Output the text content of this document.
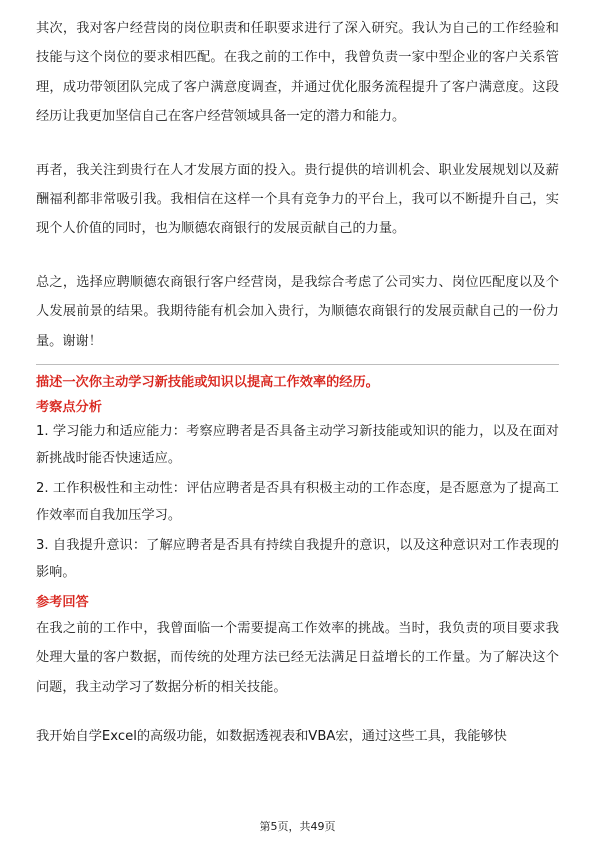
其次，我对客户经营岗的岗位职责和任职要求进行了深入研究。我认为自己的工作经验和技能与这个岗位的要求相匹配。在我之前的工作中，我曾负责一家中型企业的客户关系管理，成功带领团队完成了客户满意度调查，并通过优化服务流程提升了客户满意度。这段经历让我更加坚信自己在客户经营领域具备一定的潜力和能力。

再者，我关注到贵行在人才发展方面的投入。贵行提供的培训机会、职业发展规划以及薪酬福利都非常吸引我。我相信在这样一个具有竞争力的平台上，我可以不断提升自己，实现个人价值的同时，也为顺德农商银行的发展贡献自己的力量。

总之，选择应聘顺德农商银行客户经营岗，是我综合考虑了公司实力、岗位匹配度以及个人发展前景的结果。我期待能有机会加入贵行，为顺德农商银行的发展贡献自己的一份力量。谢谢！

描述一次你主动学习新技能或知识以提高工作效率的经历。

考察点分析

1. 学习能力和适应能力：考察应聘者是否具备主动学习新技能或知识的能力，以及在面对新挑战时能否快速适应。

2. 工作积极性和主动性：评估应聘者是否具有积极主动的工作态度，是否愿意为了提高工作效率而自我加压学习。

3. 自我提升意识：了解应聘者是否具有持续自我提升的意识，以及这种意识对工作表现的影响。

参考回答

在我之前的工作中，我曾面临一个需要提高工作效率的挑战。当时，我负责的项目要求我处理大量的客户数据，而传统的处理方法已经无法满足日益增长的工作量。为了解决这个问题，我主动学习了数据分析的相关技能。

我开始自学Excel的高级功能，如数据透视表和VBA宏，通过这些工具，我能够快

第5页，共49页
